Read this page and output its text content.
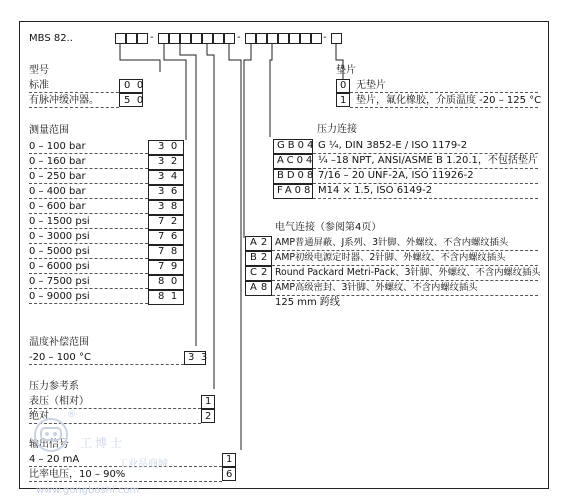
MBS 82..	-	-	-
型号
标准	00
有脉冲缓冲器。	50
测量范围
0 – 100 bar	30
0 – 160 bar	32
0 – 250 bar	34
0 – 400 bar	36
0 – 600 bar	38
0 – 1500 psi	72
0 – 3000 psi	76
0 – 5000 psi	78
0 – 6000 psi	79
0 – 7500 psi	80
0 – 9000 psi	81
温度补偿范围
-20 – 100 °C	33
压力参考系
表压（相对）	1
绝对	2
输出信号
4 – 20 mA	1
比率电压，10 – 90%	6
垫片
0 无垫片
1 垫片，氟化橡胶，介质温度 -20 – 125 °C
压力连接
GB04 G ¼, DIN 3852-E / ISO 1179-2
AC04 ¼ –18 NPT, ANSI/ASME B 1.20.1，不包括垫片
BD08 7/16 – 20 UNF-2A, ISO 11926-2
FA08 M14 × 1.5, ISO 6149-2
电气连接（参阅第4页）
A2 AMP普通屏蔽、J系列、3针脚、外螺纹、不含内螺纹插头
B2 AMP初级电源定时器、2针脚、外螺纹、不含内螺纹插头
C2 Round Packard Metri-Pack、3针脚、外螺纹、不含内螺纹插头
A8 AMP高级密封、3针脚、外螺纹、不含内螺纹插头
125 mm 跨线
®
工博士
工业品商城
www.gongboshi.com
